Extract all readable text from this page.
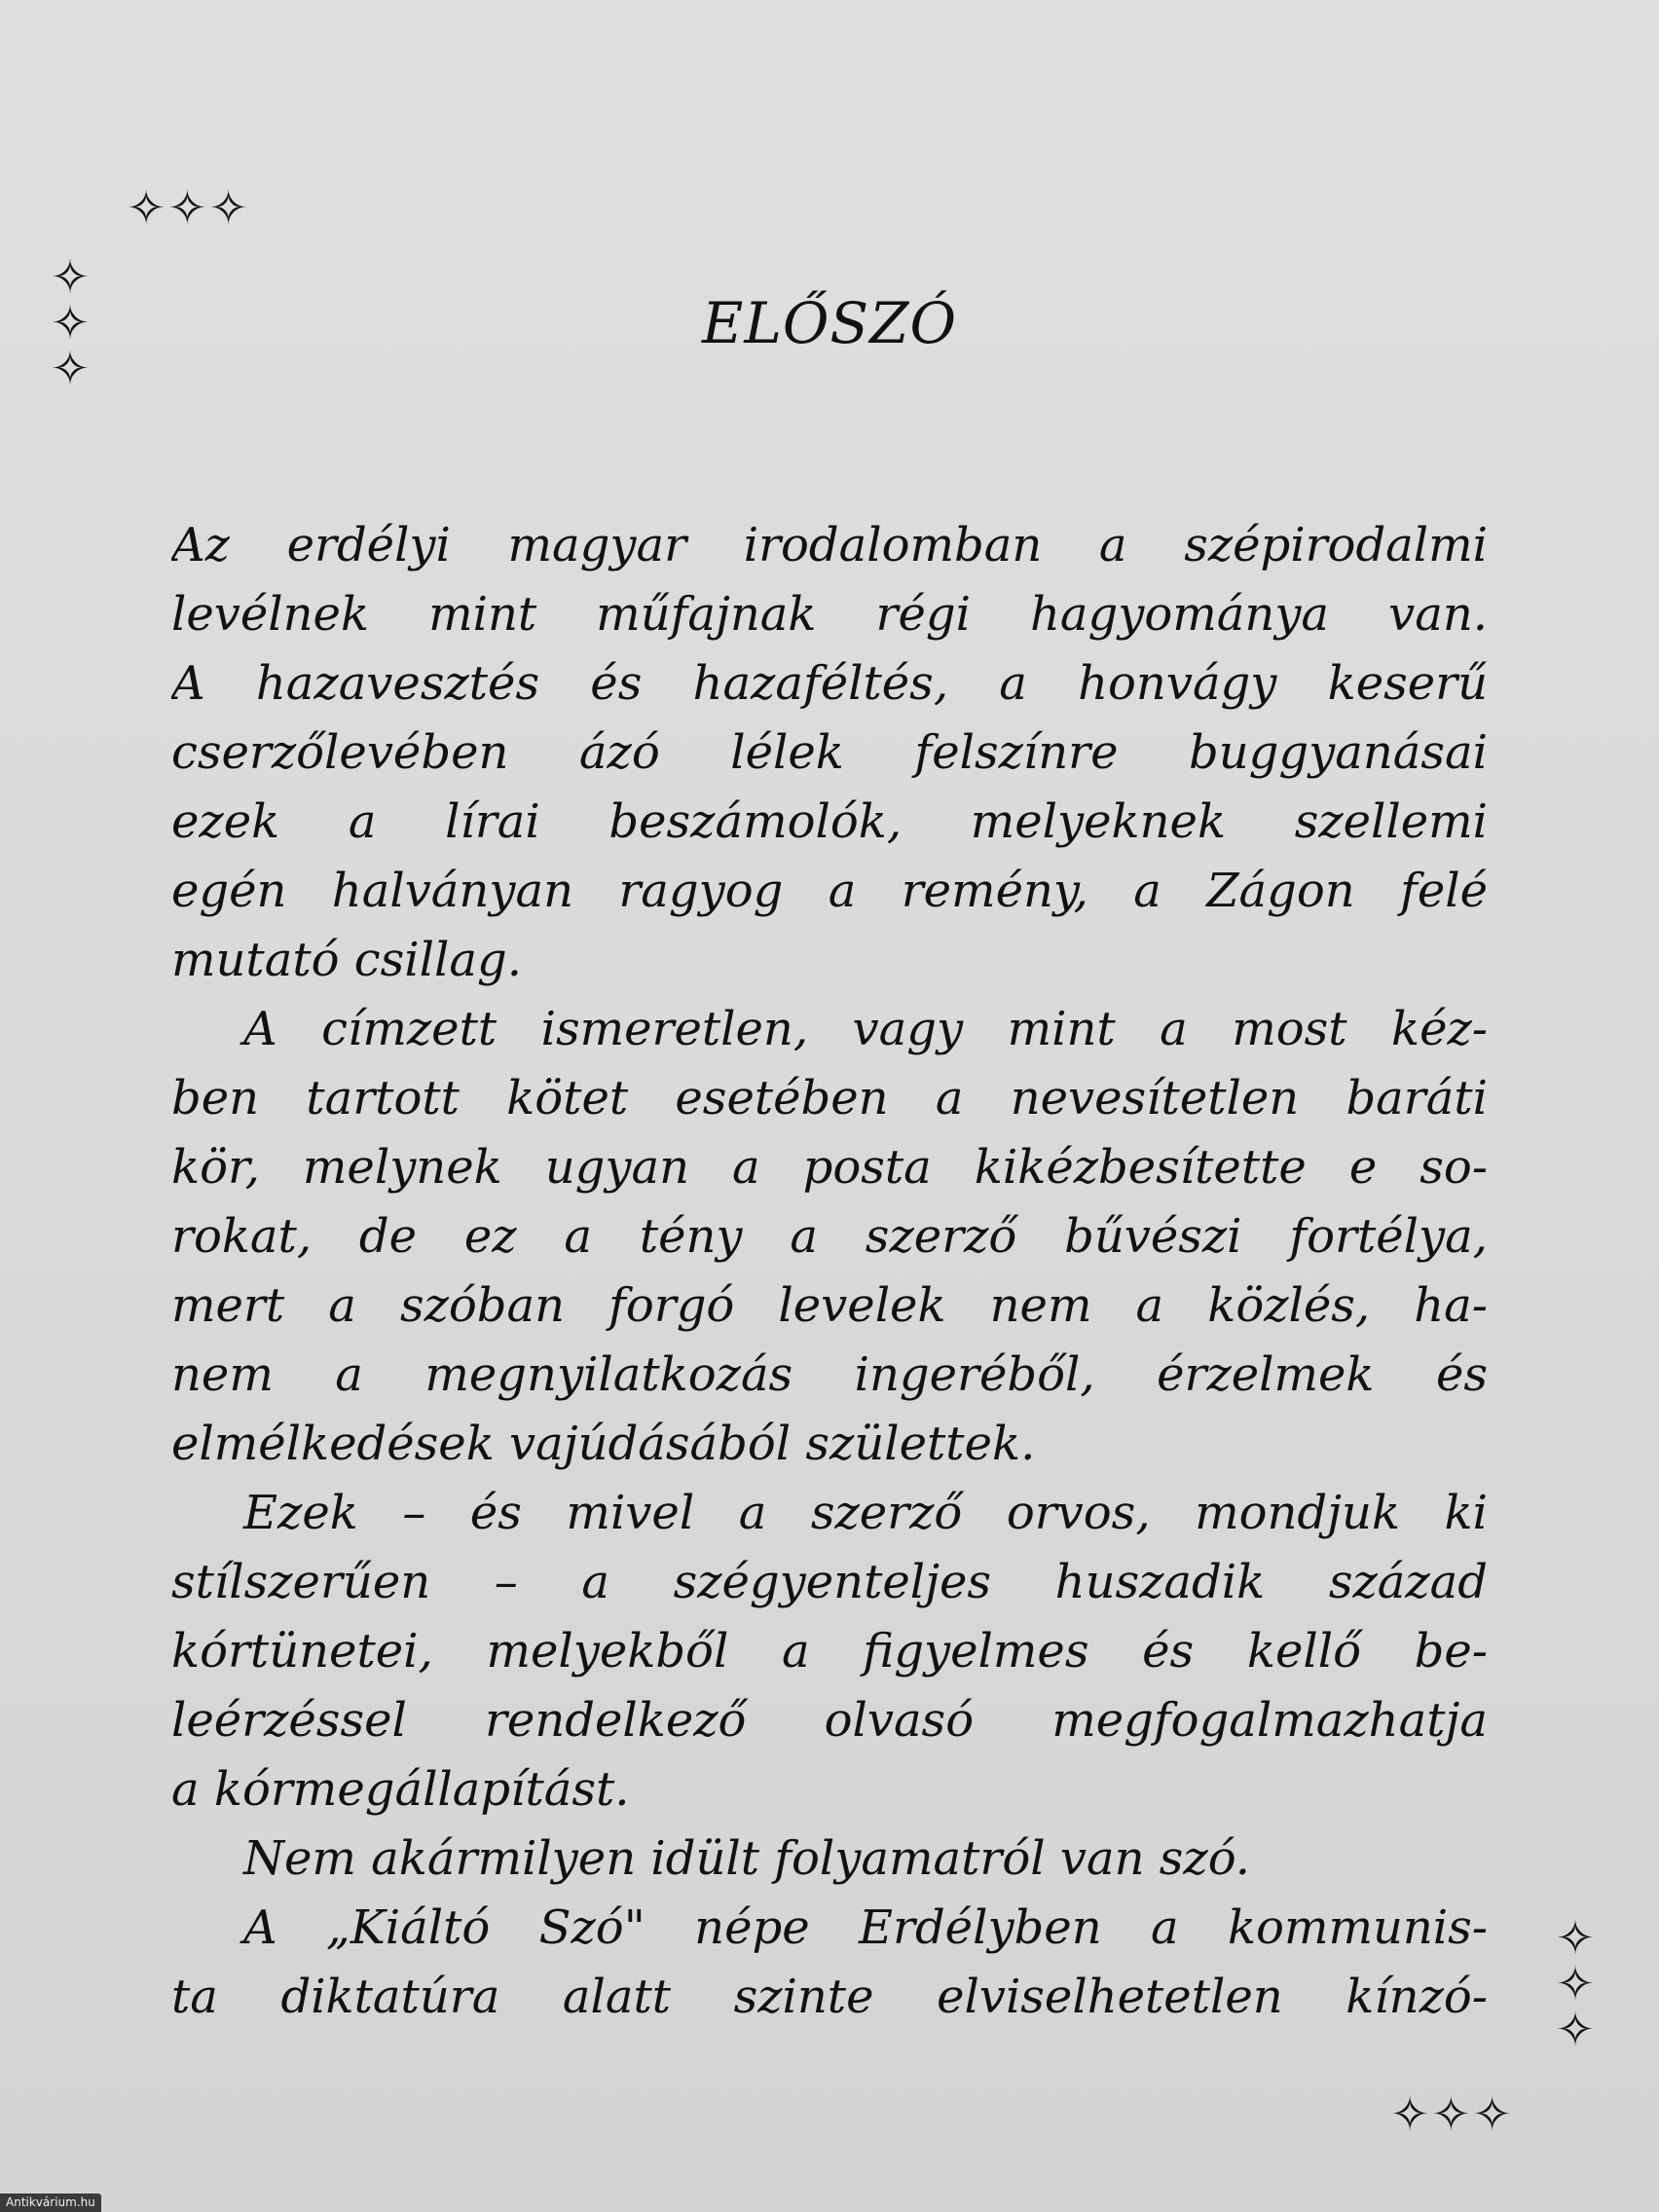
✧✧✧
✧
✧
✧
ELŐSZÓ
Az erdélyi magyar irodalomban a szépirodalmi
levélnek mint műfajnak régi hagyománya van.
A hazavesztés és hazaféltés, a honvágy keserű
cserzőlevében ázó lélek felszínre buggyanásai
ezek a lírai beszámolók, melyeknek szellemi
egén halványan ragyog a remény, a Zágon felé
mutató csillag.
A címzett ismeretlen, vagy mint a most kéz-
ben tartott kötet esetében a nevesítetlen baráti
kör, melynek ugyan a posta kikézbesítette e so-
rokat, de ez a tény a szerző bűvészi fortélya,
mert a szóban forgó levelek nem a közlés, ha-
nem a megnyilatkozás ingeréből, érzelmek és
elmélkedések vajúdásából születtek.
Ezek – és mivel a szerző orvos, mondjuk ki
stílszerűen – a szégyenteljes huszadik század
kórtünetei, melyekből a figyelmes és kellő be-
leérzéssel rendelkező olvasó megfogalmazhatja
a kórmegállapítást.
Nem akármilyen idült folyamatról van szó.
A „Kiáltó Szó" népe Erdélyben a kommunis-
ta diktatúra alatt szinte elviselhetetlen kínzó-
✧
✧
✧
✧✧✧
Antikvárium.hu
